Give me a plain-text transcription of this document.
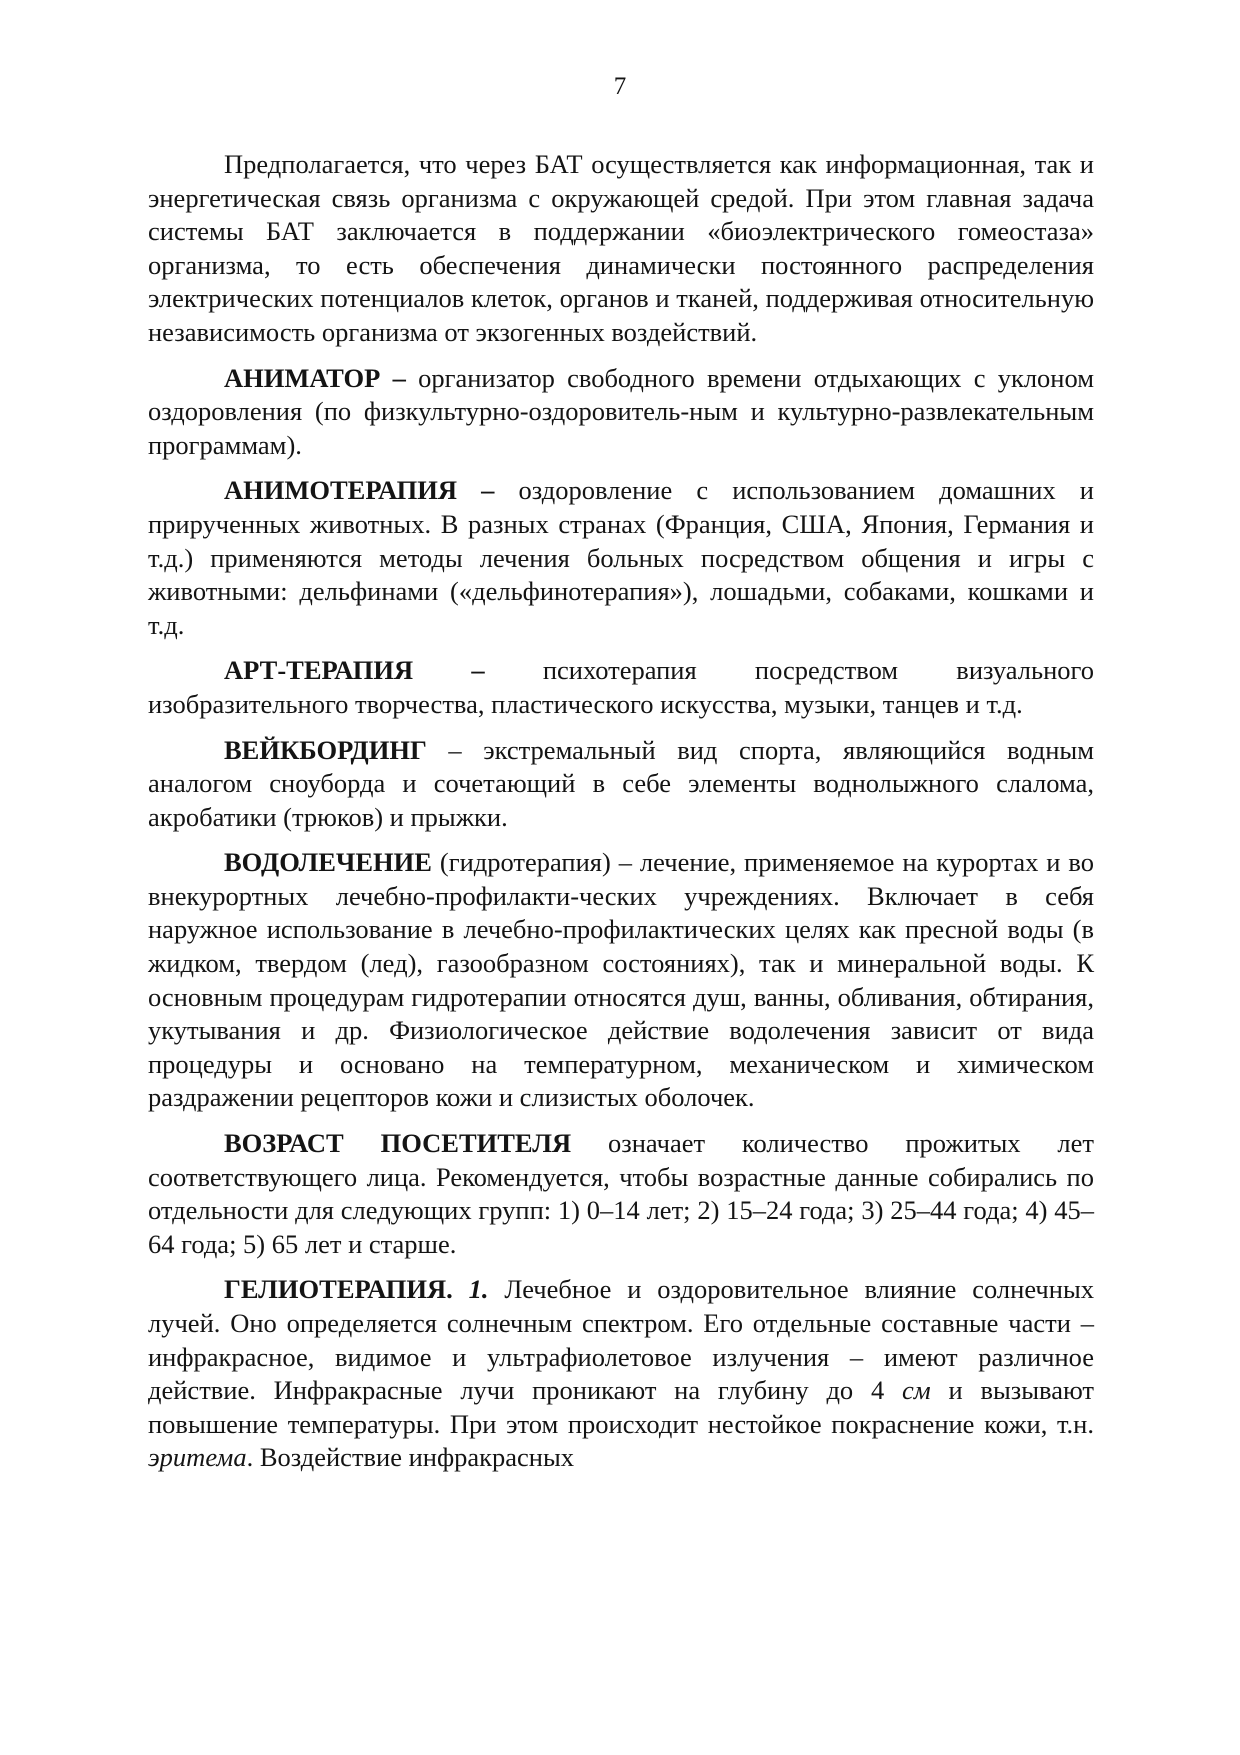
7

Предполагается, что через БАТ осуществляется как информационная, так и энергетическая связь организма с окружающей средой. При этом главная задача системы БАТ заключается в поддержании «биоэлектрического гомеостаза» организма, то есть обеспечения динамически постоянного распределения электрических потенциалов клеток, органов и тканей, поддерживая относительную независимость организма от экзогенных воздействий.

АНИМАТОР – организатор свободного времени отдыхающих с уклоном оздоровления (по физкультурно-оздоровитель-ным и культурно-развлекательным программам).

АНИМОТЕРАПИЯ – оздоровление с использованием домашних и прирученных животных. В разных странах (Франция, США, Япония, Германия и т.д.) применяются методы лечения больных посредством общения и игры с животными: дельфинами («дельфинотерапия»), лошадьми, собаками, кошками и т.д.

АРТ-ТЕРАПИЯ – психотерапия посредством визуального изобразительного творчества, пластического искусства, музыки, танцев и т.д.

ВЕЙКБОРДИНГ – экстремальный вид спорта, являющийся водным аналогом сноуборда и сочетающий в себе элементы воднолыжного слалома, акробатики (трюков) и прыжки.

ВОДОЛЕЧЕНИЕ (гидротерапия) – лечение, применяемое на курортах и во внекурортных лечебно-профилакти-ческих учреждениях. Включает в себя наружное использование в лечебно-профилактических целях как пресной воды (в жидком, твердом (лед), газообразном состояниях), так и минеральной воды. К основным процедурам гидротерапии относятся душ, ванны, обливания, обтирания, укутывания и др. Физиологическое действие водолечения зависит от вида процедуры и основано на температурном, механическом и химическом раздражении рецепторов кожи и слизистых оболочек.

ВОЗРАСТ ПОСЕТИТЕЛЯ означает количество прожитых лет соответствующего лица. Рекомендуется, чтобы возрастные данные собирались по отдельности для следующих групп: 1) 0–14 лет; 2) 15–24 года; 3) 25–44 года; 4) 45–64 года; 5) 65 лет и старше.

ГЕЛИОТЕРАПИЯ. 1. Лечебное и оздоровительное влияние солнечных лучей. Оно определяется солнечным спектром. Его отдельные составные части – инфракрасное, видимое и ультрафиолетовое излучения – имеют различное действие. Инфракрасные лучи проникают на глубину до 4 см и вызывают повышение температуры. При этом происходит нестойкое покраснение кожи, т.н. эритема. Воздействие инфракрасных
